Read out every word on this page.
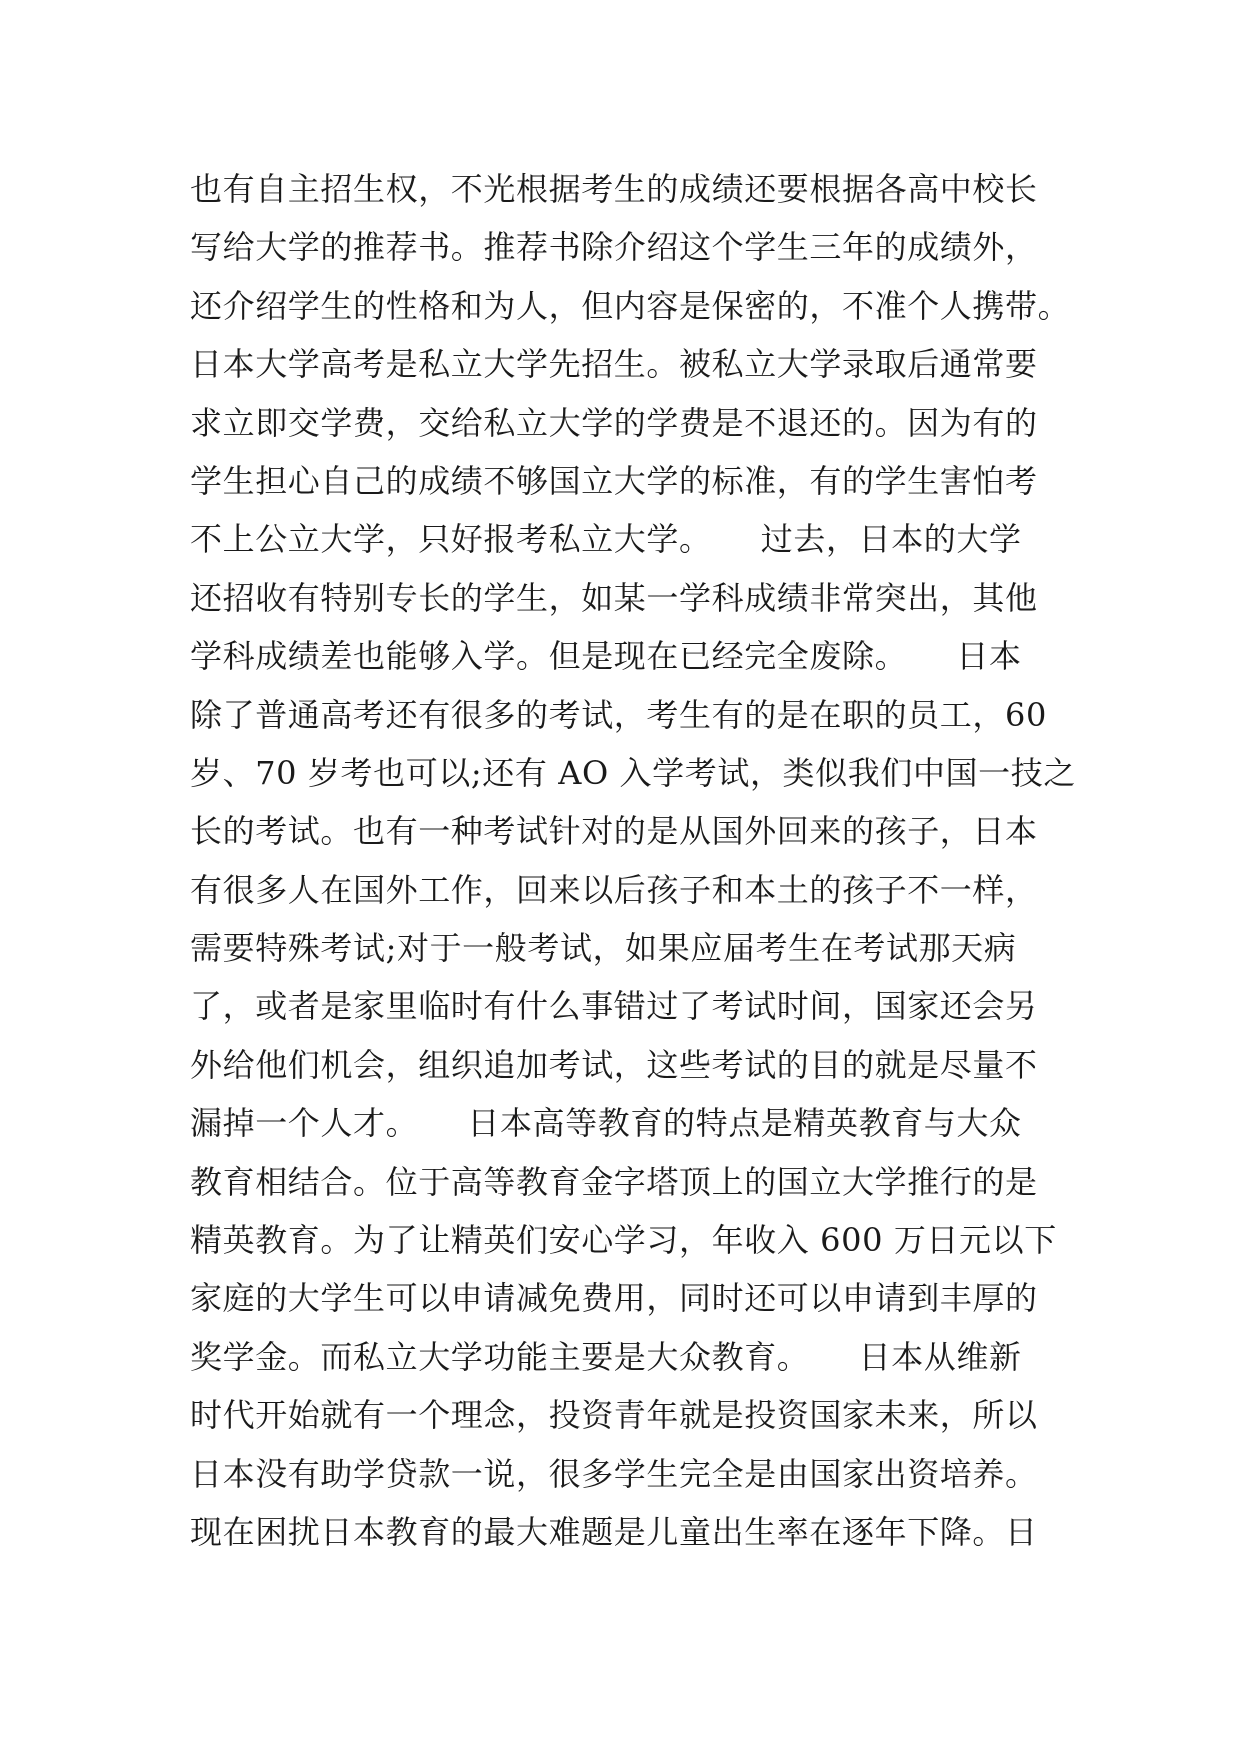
也有自主招生权，不光根据考生的成绩还要根据各高中校长
写给大学的推荐书。推荐书除介绍这个学生三年的成绩外，
还介绍学生的性格和为人，但内容是保密的，不准个人携带。
日本大学高考是私立大学先招生。被私立大学录取后通常要
求立即交学费，交给私立大学的学费是不退还的。因为有的
学生担心自己的成绩不够国立大学的标准，有的学生害怕考
不上公立大学，只好报考私立大学。　　过去，日本的大学
还招收有特别专长的学生，如某一学科成绩非常突出，其他
学科成绩差也能够入学。但是现在已经完全废除。　　日本
除了普通高考还有很多的考试，考生有的是在职的员工，60
岁、70 岁考也可以;还有 AO 入学考试，类似我们中国一技之
长的考试。也有一种考试针对的是从国外回来的孩子，日本
有很多人在国外工作，回来以后孩子和本土的孩子不一样，
需要特殊考试;对于一般考试，如果应届考生在考试那天病
了，或者是家里临时有什么事错过了考试时间，国家还会另
外给他们机会，组织追加考试，这些考试的目的就是尽量不
漏掉一个人才。　　日本高等教育的特点是精英教育与大众
教育相结合。位于高等教育金字塔顶上的国立大学推行的是
精英教育。为了让精英们安心学习，年收入 600 万日元以下
家庭的大学生可以申请减免费用，同时还可以申请到丰厚的
奖学金。而私立大学功能主要是大众教育。　　日本从维新
时代开始就有一个理念，投资青年就是投资国家未来，所以
日本没有助学贷款一说，很多学生完全是由国家出资培养。
现在困扰日本教育的最大难题是儿童出生率在逐年下降。日
